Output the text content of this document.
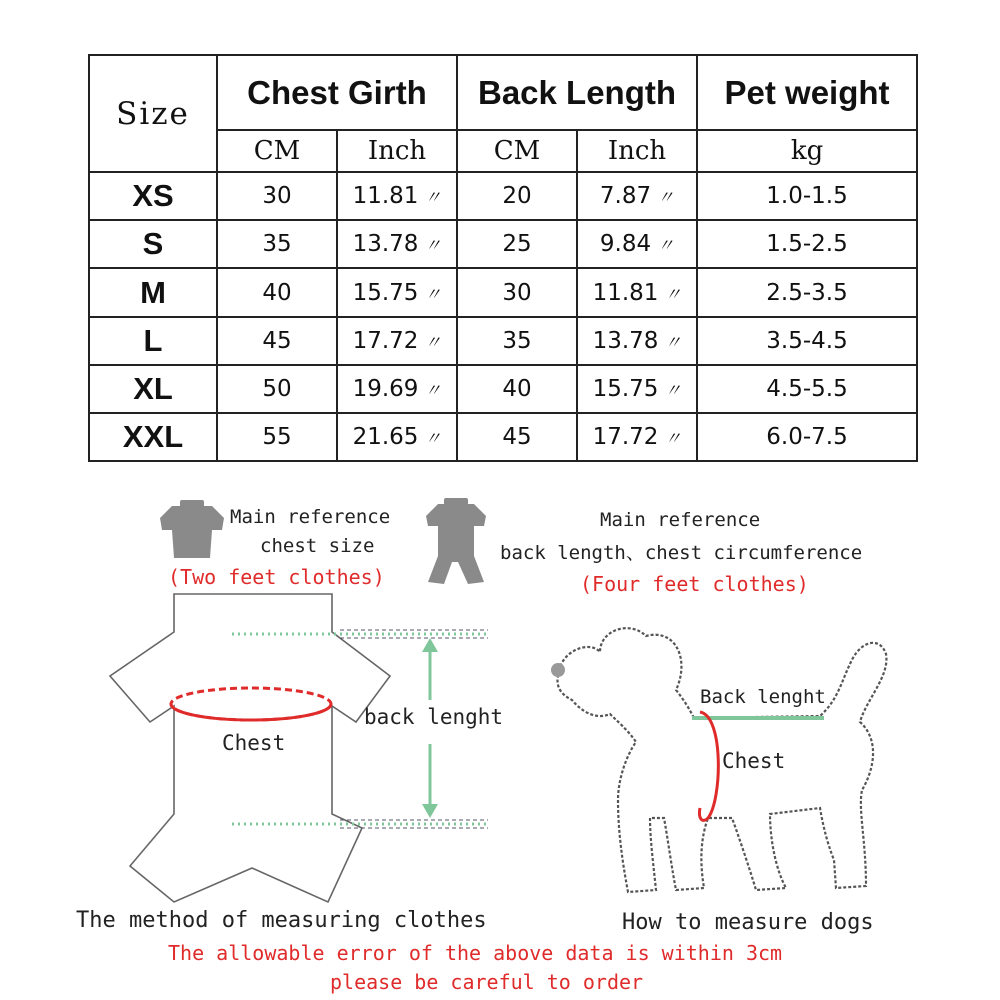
Size	Chest Girth		Back Length		Pet weight
	CM	Inch	CM	Inch	kg
XS	30	11.81 〃	20	7.87 〃	1.0-1.5
S	35	13.78 〃	25	9.84 〃	1.5-2.5
M	40	15.75 〃	30	11.81 〃	2.5-3.5
L	45	17.72 〃	35	13.78 〃	3.5-4.5
XL	50	19.69 〃	40	15.75 〃	4.5-5.5
XXL	55	21.65 〃	45	17.72 〃	6.0-7.5
Main reference
chest size
(Two feet clothes)
Main reference
back length、chest circumference
(Four feet clothes)
back lenght
Chest
The method of measuring clothes
Back lenght
Chest
How to measure dogs
The allowable error of the above data is within 3cm
please be careful to order
